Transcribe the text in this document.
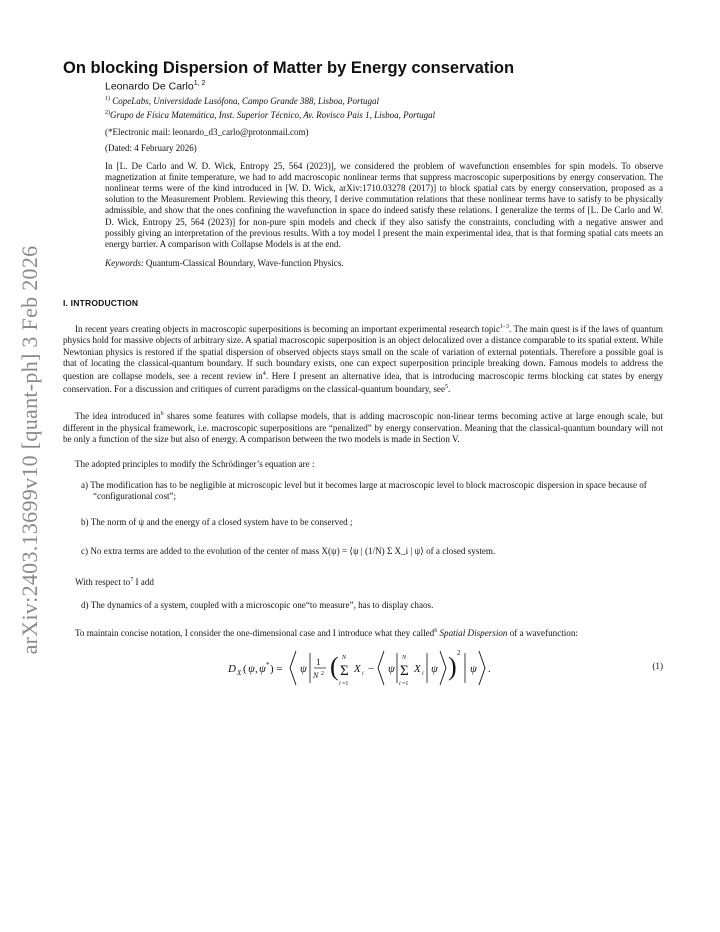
arXiv:2403.13699v10 [quant-ph] 3 Feb 2026
On blocking Dispersion of Matter by Energy conservation
Leonardo De Carlo$^{1, 2}$
$^{1)}$ CopeLabs, Universidade Lusófona, Campo Grande 388, Lisboa, Portugal
$^{2)}$Grupo de Física Matemática, Inst. Superior Técnico, Av. Rovisco Pais 1, Lisboa, Portugal
(*Electronic mail: leonardo_d3_carlo@protonmail.com)
(Dated: 4 February 2026)
In [L. De Carlo and W. D. Wick, Entropy 25, 564 (2023)], we considered the problem of wavefunction ensembles for spin models. To observe magnetization at finite temperature, we had to add macroscopic nonlinear terms that suppress macroscopic superpositions by energy conservation. The nonlinear terms were of the kind introduced in [W. D. Wick, arXiv:1710.03278 (2017)] to block spatial cats by energy conservation, proposed as a solution to the Measurement Problem. Reviewing this theory, I derive commutation relations that these nonlinear terms have to satisfy to be physically admissible, and show that the ones confining the wavefunction in space do indeed satisfy these relations. I generalize the terms of [L. De Carlo and W. D. Wick, Entropy 25, 564 (2023)] for non-pure spin models and check if they also satisfy the constraints, concluding with a negative answer and possibly giving an interpretation of the previous results. With a toy model I present the main experimental idea, that is that forming spatial cats meets an energy barrier. A comparison with Collapse Models is at the end.
Keywords: Quantum-Classical Boundary, Wave-function Physics.
I. INTRODUCTION

In recent years creating objects in macroscopic superpositions is becoming an important experimental research topic$^{1-3}$. The main quest is if the laws of quantum physics hold for massive objects of arbitrary size. A spatial macroscopic superposition is an object delocalized over a distance comparable to its spatial extent. While Newtonian physics is restored if the spatial dispersion of observed objects stays small on the scale of variation of external potentials. Therefore a possible goal is that of locating the classical-quantum boundary. If such boundary exists, one can expect superposition principle breaking down. Famous models to address the question are collapse models, see a recent review $in^4$. Here I present an alternative idea, that is introducing macroscopic terms blocking cat states by energy conservation. For a discussion and critiques of current paradigms on the classical-quantum boundary, see$^5$.

The idea introduced $in^6$ shares some features with collapse models, that is adding macroscopic non-linear terms becoming active at large enough scale, but different in the physical framework, i.e. macroscopic superpositions are “penalized” by energy conservation. Meaning that the classical-quantum boundary will not be only a function of the size but also of energy. A comparison between the two models is made in Section V.

The adopted principles to modify the Schrödinger’s equation are :

a) The modification has to be negligible at microscopic level but it becomes large at macroscopic level to block macroscopic dispersion in space because of “configurational cost”;
b) The norm of ψ and the energy of a closed system have to be conserved ;
c) No extra terms are added to the evolution of the center of mass X(ψ) = ⟨ψ | (1/N) Σ X_i | ψ⟩ of a closed system.

With respect $to^7$ I add

d) The dynamics of a system, coupled with a microscopic one“to measure”, has to display chaos.

To maintain concise notation, I consider the one-dimensional case and I introduce what they called$^6$ Spatial Dispersion of a wavefunction:

D X ( ψ , ψ * ) = ψ
1
N 2 ( Σ
N
i =1
X i − ψ Σ
N
i =1
X i ψ ) 2
ψ .	(1)
